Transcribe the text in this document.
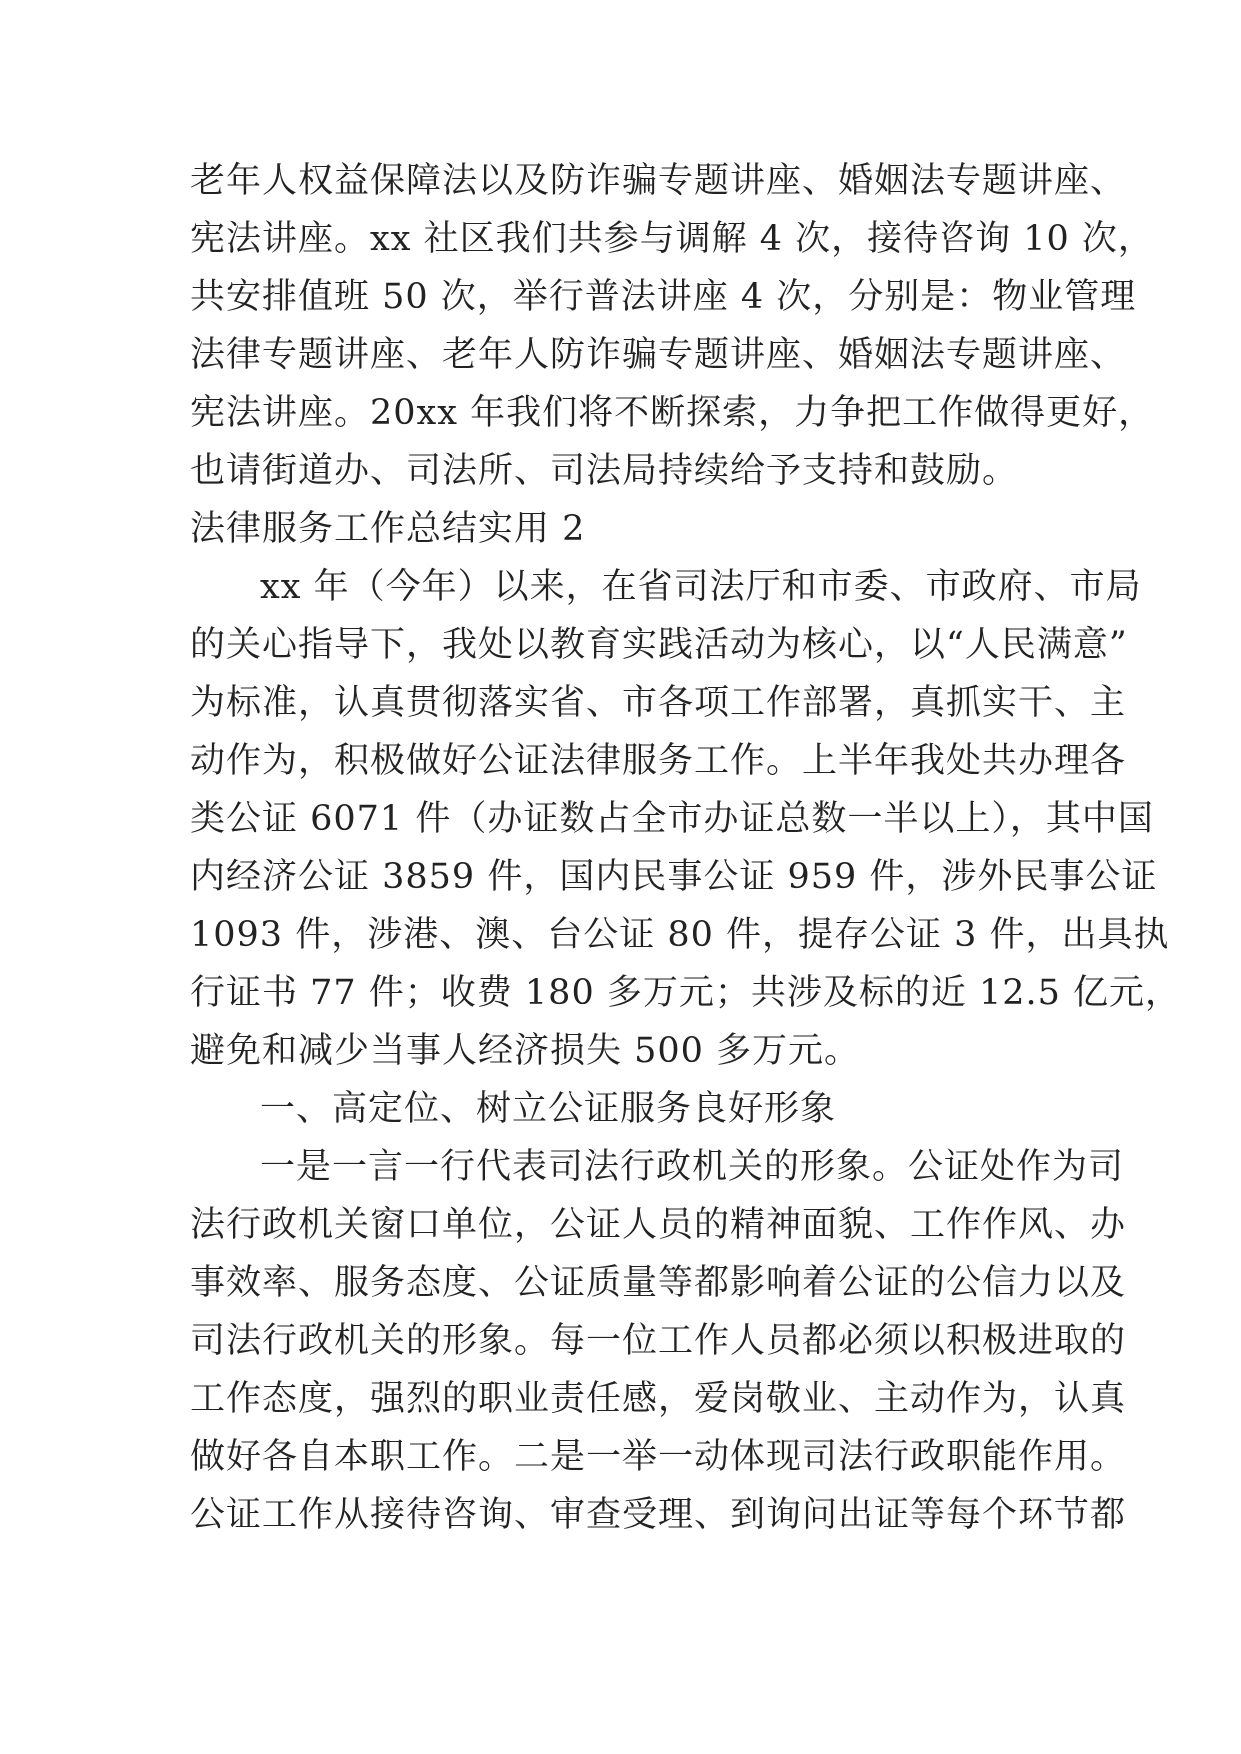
老年人权益保障法以及防诈骗专题讲座、婚姻法专题讲座、
宪法讲座。xx 社区我们共参与调解 4 次，接待咨询 10 次，
共安排值班 50 次，举行普法讲座 4 次，分别是：物业管理
法律专题讲座、老年人防诈骗专题讲座、婚姻法专题讲座、
宪法讲座。20xx 年我们将不断探索，力争把工作做得更好，
也请街道办、司法所、司法局持续给予支持和鼓励。
法律服务工作总结实用 2
xx 年（今年）以来，在省司法厅和市委、市政府、市局
的关心指导下，我处以教育实践活动为核心，以“人民满意”
为标准，认真贯彻落实省、市各项工作部署，真抓实干、主
动作为，积极做好公证法律服务工作。上半年我处共办理各
类公证 6071 件（办证数占全市办证总数一半以上），其中国
内经济公证 3859 件，国内民事公证 959 件，涉外民事公证
1093 件，涉港、澳、台公证 80 件，提存公证 3 件，出具执
行证书 77 件；收费 180 多万元；共涉及标的近 12.5 亿元，
避免和减少当事人经济损失 500 多万元。
一、高定位、树立公证服务良好形象
一是一言一行代表司法行政机关的形象。公证处作为司
法行政机关窗口单位，公证人员的精神面貌、工作作风、办
事效率、服务态度、公证质量等都影响着公证的公信力以及
司法行政机关的形象。每一位工作人员都必须以积极进取的
工作态度，强烈的职业责任感，爱岗敬业、主动作为，认真
做好各自本职工作。二是一举一动体现司法行政职能作用。
公证工作从接待咨询、审查受理、到询问出证等每个环节都
